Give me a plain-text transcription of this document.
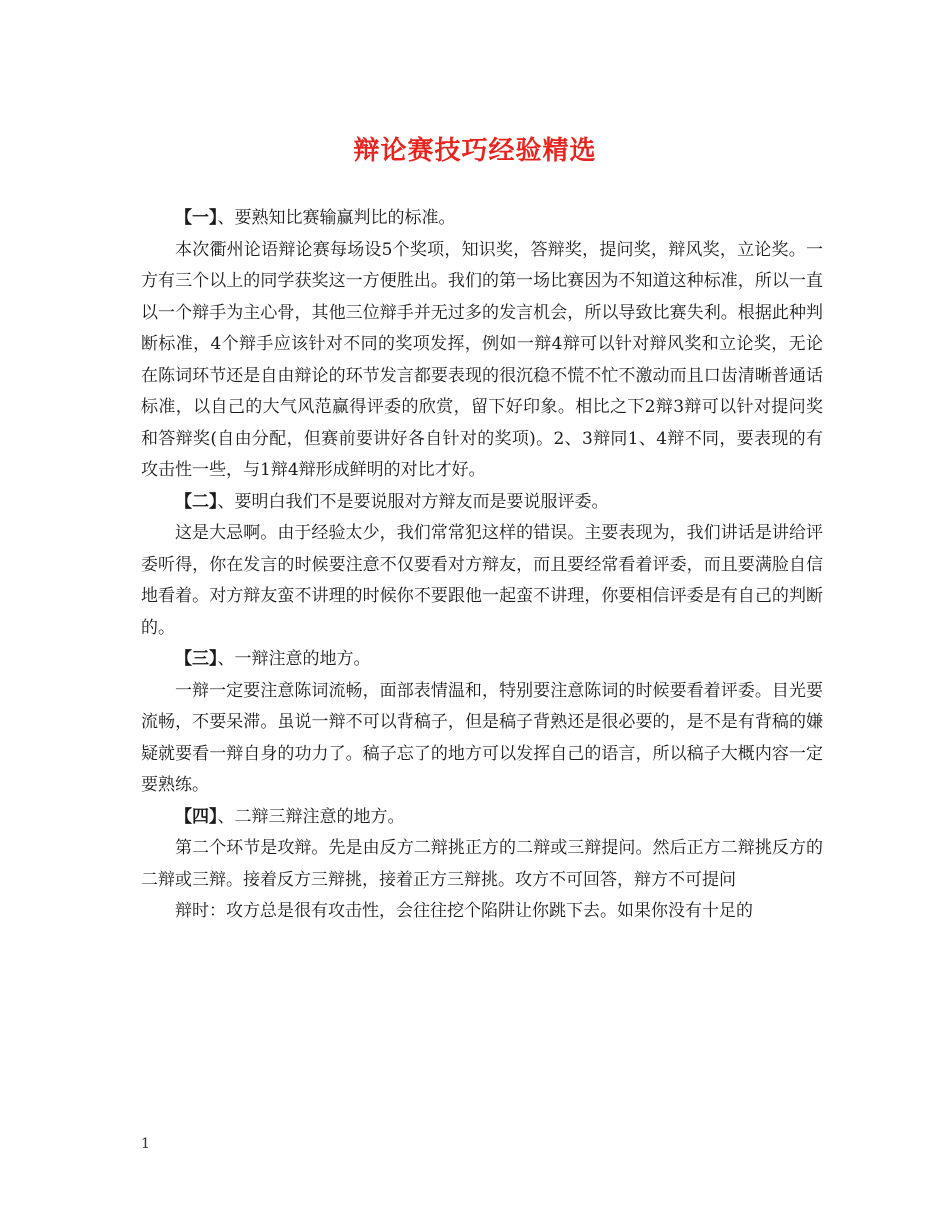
辩论赛技巧经验精选

【一】、要熟知比赛输赢判比的标准。

本次衢州论语辩论赛每场设5个奖项，知识奖，答辩奖，提问奖，辩风奖，立论奖。一方有三个以上的同学获奖这一方便胜出。我们的第一场比赛因为不知道这种标准，所以一直以一个辩手为主心骨，其他三位辩手并无过多的发言机会，所以导致比赛失利。根据此种判断标准，4个辩手应该针对不同的奖项发挥，例如一辩4辩可以针对辩风奖和立论奖，无论在陈词环节还是自由辩论的环节发言都要表现的很沉稳不慌不忙不激动而且口齿清晰普通话标准，以自己的大气风范赢得评委的欣赏，留下好印象。相比之下2辩3辩可以针对提问奖和答辩奖(自由分配，但赛前要讲好各自针对的奖项)。2、3辩同1、4辩不同，要表现的有攻击性一些，与1辩4辩形成鲜明的对比才好。

【二】、要明白我们不是要说服对方辩友而是要说服评委。

这是大忌啊。由于经验太少，我们常常犯这样的错误。主要表现为，我们讲话是讲给评委听得，你在发言的时候要注意不仅要看对方辩友，而且要经常看着评委，而且要满脸自信地看着。对方辩友蛮不讲理的时候你不要跟他一起蛮不讲理，你要相信评委是有自己的判断的。

【三】、一辩注意的地方。

一辩一定要注意陈词流畅，面部表情温和，特别要注意陈词的时候要看着评委。目光要流畅，不要呆滞。虽说一辩不可以背稿子，但是稿子背熟还是很必要的，是不是有背稿的嫌疑就要看一辩自身的功力了。稿子忘了的地方可以发挥自己的语言，所以稿子大概内容一定要熟练。

【四】、二辩三辩注意的地方。

第二个环节是攻辩。先是由反方二辩挑正方的二辩或三辩提问。然后正方二辩挑反方的二辩或三辩。接着反方三辩挑，接着正方三辩挑。攻方不可回答，辩方不可提问

辩时：攻方总是很有攻击性，会往往挖个陷阱让你跳下去。如果你没有十足的

1
